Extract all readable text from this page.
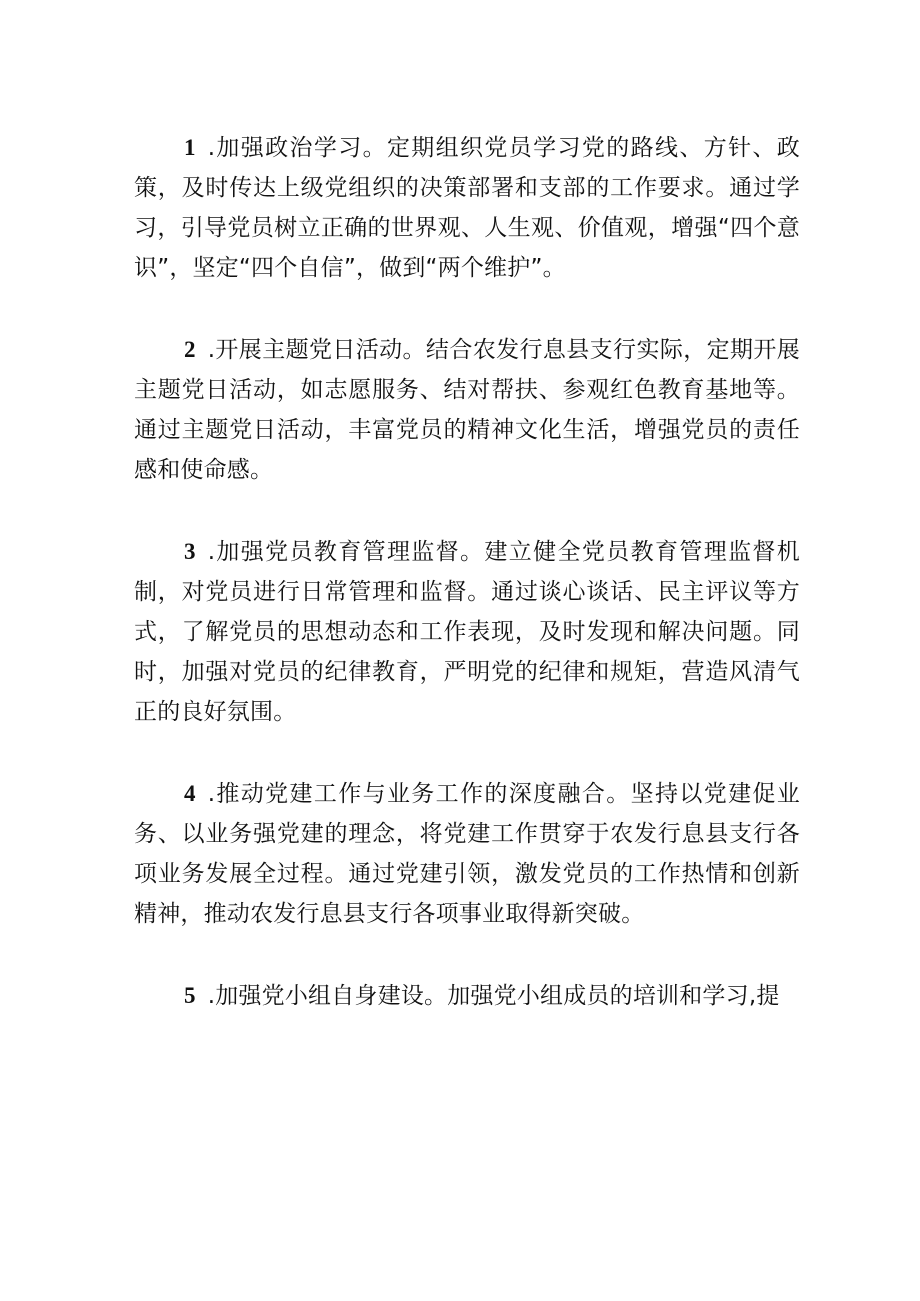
1 .加强政治学习。定期组织党员学习党的路线、方针、政策，及时传达上级党组织的决策部署和支部的工作要求。通过学习，引导党员树立正确的世界观、人生观、价值观，增强“四个意识”，坚定“四个自信”，做到“两个维护”。

2 .开展主题党日活动。结合农发行息县支行实际，定期开展主题党日活动，如志愿服务、结对帮扶、参观红色教育基地等。通过主题党日活动，丰富党员的精神文化生活，增强党员的责任感和使命感。

3 .加强党员教育管理监督。建立健全党员教育管理监督机制，对党员进行日常管理和监督。通过谈心谈话、民主评议等方式，了解党员的思想动态和工作表现，及时发现和解决问题。同时，加强对党员的纪律教育，严明党的纪律和规矩，营造风清气正的良好氛围。

4 .推动党建工作与业务工作的深度融合。坚持以党建促业务、以业务强党建的理念，将党建工作贯穿于农发行息县支行各项业务发展全过程。通过党建引领，激发党员的工作热情和创新精神，推动农发行息县支行各项事业取得新突破。

5 .加强党小组自身建设。加强党小组成员的培训和学习,提
